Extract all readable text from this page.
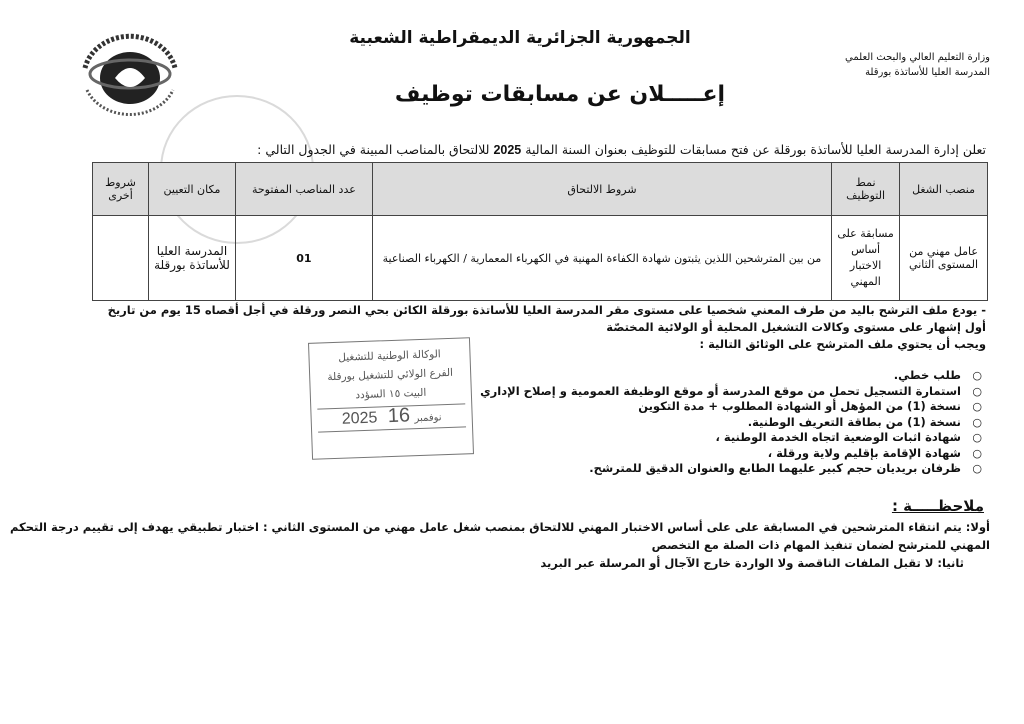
الجمهورية الجزائرية الديمقراطية الشعبية
وزارة التعليم العالي والبحث العلمي
المدرسة العليا للأساتذة بورقلة
إعـــــلان عن مسابقات توظيف
تعلن إدارة المدرسة العليا للأساتذة بورقلة عن فتح مسابقات للتوظيف بعنوان السنة المالية 2025 للالتحاق بالمناصب المبينة في الجدول التالي :
منصب الشغل	نمط التوظيف	شروط الالتحاق	عدد المناصب المفتوحة	مكان التعيين	شروط أخرى
عامل مهني من المستوى الثاني	مسابقة على أساس الاختبار المهني	من بين المترشحين اللذين يثبتون شهادة الكفاءة المهنية في الكهرباء المعمارية / الكهرباء الصناعية	01	المدرسة العليا للأساتذة بورقلة	
- يودع ملف الترشح باليد من طرف المعني شخصيا على مستوى مقر المدرسة العليا للأساتذة بورقلة الكائن بحي النصر ورقلة في أجل أقصاه 15 يوم من تاريخ
أول إشهار على مستوى وكالات التشغيل المحلية أو الولائية المختصّة
ويجب أن يحتوي ملف المترشح على الوثائق التالية :
○ طلب خطي.
○ استمارة التسجيل تحمل من موقع المدرسة أو موقع الوظيفة العمومية و إصلاح الإداري
○ نسخة (1) من المؤهل أو الشهادة المطلوب + مدة التكوين
○ نسخة (1) من بطاقة التعريف الوطنية.
○ شهادة اثبات الوضعية اتجاه الخدمة الوطنية ،
○ شهادة الإقامة بإقليم ولاية ورقلة ،
○ ظرفان بريديان حجم كبير عليهما الطابع والعنوان الدقيق للمترشح.
الوكالة الوطنية للتشغيل
الفرع الولائي للتشغيل بورقلة
البيت ١٥ السؤدد
2025	نوفمبر 16
ملاحظـــــة :
أولا: يتم انتقاء المترشحين في المسابقة على على أساس الاختبار المهني للالتحاق بمنصب شغل عامل مهني من المستوى الثاني : اختبار تطبيقي يهدف إلى تقييم درجة التحكم
المهني للمترشح لضمان تنفيذ المهام ذات الصلة مع التخصص
ثانيا: لا تقبل الملفات الناقصة ولا الواردة خارج الآجال أو المرسلة عبر البريد
